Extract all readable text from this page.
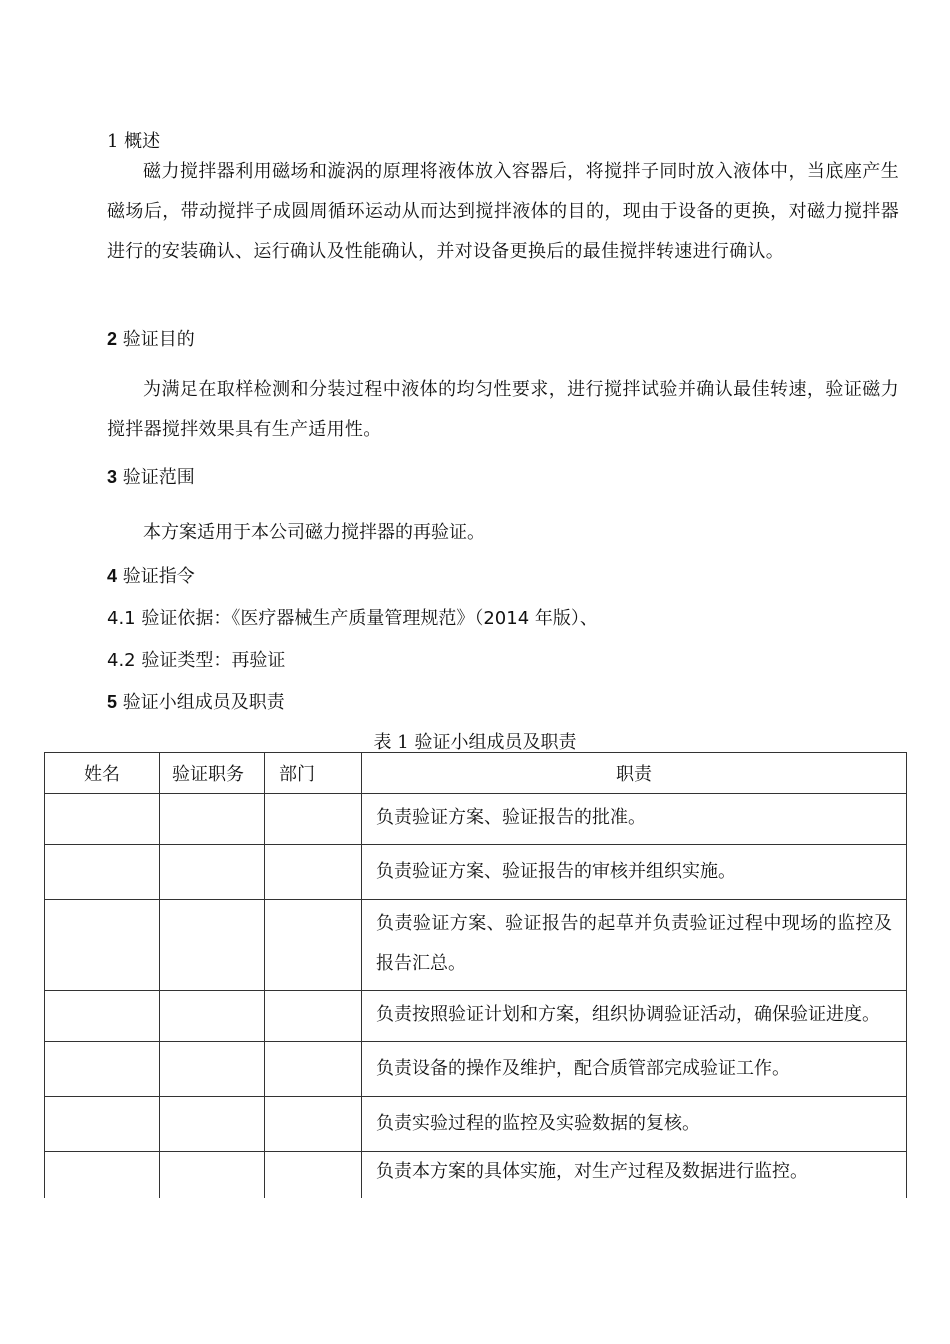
1 概述
磁力搅拌器利用磁场和漩涡的原理将液体放入容器后，将搅拌子同时放入液体中，当底座产生磁场后，带动搅拌子成圆周循环运动从而达到搅拌液体的目的，现由于设备的更换，对磁力搅拌器进行的安装确认、运行确认及性能确认，并对设备更换后的最佳搅拌转速进行确认。
2 验证目的
为满足在取样检测和分装过程中液体的均匀性要求，进行搅拌试验并确认最佳转速，验证磁力搅拌器搅拌效果具有生产适用性。
3 验证范围
本方案适用于本公司磁力搅拌器的再验证。
4 验证指令
4.1 验证依据：《医疗器械生产质量管理规范》（2014 年版）、
4.2 验证类型：再验证
5 验证小组成员及职责
表 1 验证小组成员及职责
姓名	验证职务	部门	职责
			负责验证方案、验证报告的批准。
			负责验证方案、验证报告的审核并组织实施。
			负责验证方案、验证报告的起草并负责验证过程中现场的监控及报告汇总。
			负责按照验证计划和方案，组织协调验证活动，确保验证进度。
			负责设备的操作及维护，配合质管部完成验证工作。
			负责实验过程的监控及实验数据的复核。
			负责本方案的具体实施，对生产过程及数据进行监控。
